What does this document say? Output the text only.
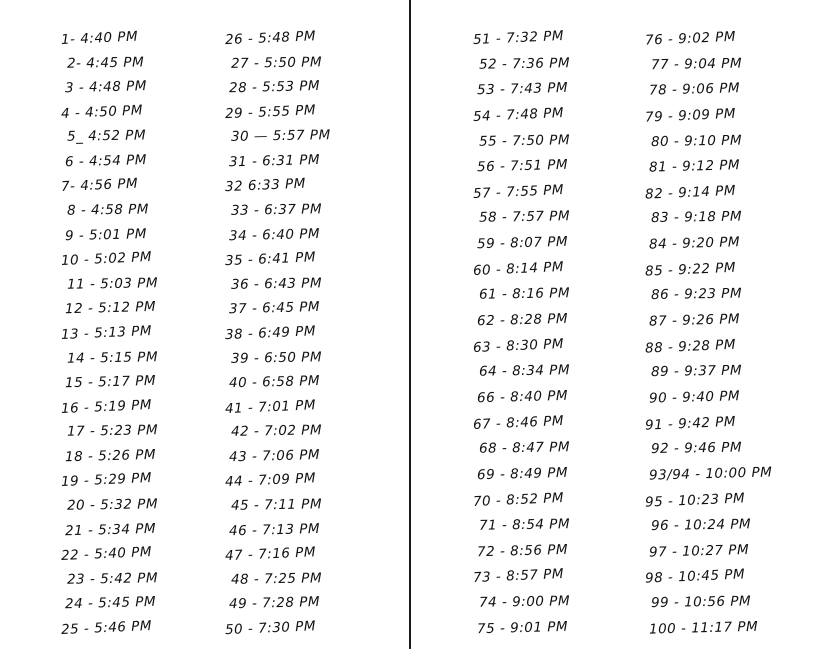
1- 4:40 PM
2- 4:45 PM
3 - 4:48 PM
4 - 4:50 PM
5_ 4:52 PM
6 - 4:54 PM
7- 4:56 PM
8 - 4:58 PM
9 - 5:01 PM
10 - 5:02 PM
11 - 5:03 PM
12 - 5:12 PM
13 - 5:13 PM
14 - 5:15 PM
15 - 5:17 PM
16 - 5:19 PM
17 - 5:23 PM
18 - 5:26 PM
19 - 5:29 PM
20 - 5:32 PM
21 - 5:34 PM
22 - 5:40 PM
23 - 5:42 PM
24 - 5:45 PM
25 - 5:46 PM
26 - 5:48 PM
27 - 5:50 PM
28 - 5:53 PM
29 - 5:55 PM
30 — 5:57 PM
31 - 6:31 PM
32 6:33 PM
33 - 6:37 PM
34 - 6:40 PM
35 - 6:41 PM
36 - 6:43 PM
37 - 6:45 PM
38 - 6:49 PM
39 - 6:50 PM
40 - 6:58 PM
41 - 7:01 PM
42 - 7:02 PM
43 - 7:06 PM
44 - 7:09 PM
45 - 7:11 PM
46 - 7:13 PM
47 - 7:16 PM
48 - 7:25 PM
49 - 7:28 PM
50 - 7:30 PM
51 - 7:32 PM
52 - 7:36 PM
53 - 7:43 PM
54 - 7:48 PM
55 - 7:50 PM
56 - 7:51 PM
57 - 7:55 PM
58 - 7:57 PM
59 - 8:07 PM
60 - 8:14 PM
61 - 8:16 PM
62 - 8:28 PM
63 - 8:30 PM
64 - 8:34 PM
66 - 8:40 PM
67 - 8:46 PM
68 - 8:47 PM
69 - 8:49 PM
70 - 8:52 PM
71 - 8:54 PM
72 - 8:56 PM
73 - 8:57 PM
74 - 9:00 PM
75 - 9:01 PM
76 - 9:02 PM
77 - 9:04 PM
78 - 9:06 PM
79 - 9:09 PM
80 - 9:10 PM
81 - 9:12 PM
82 - 9:14 PM
83 - 9:18 PM
84 - 9:20 PM
85 - 9:22 PM
86 - 9:23 PM
87 - 9:26 PM
88 - 9:28 PM
89 - 9:37 PM
90 - 9:40 PM
91 - 9:42 PM
92 - 9:46 PM
93/94 - 10:00 PM
95 - 10:23 PM
96 - 10:24 PM
97 - 10:27 PM
98 - 10:45 PM
99 - 10:56 PM
100 - 11:17 PM
